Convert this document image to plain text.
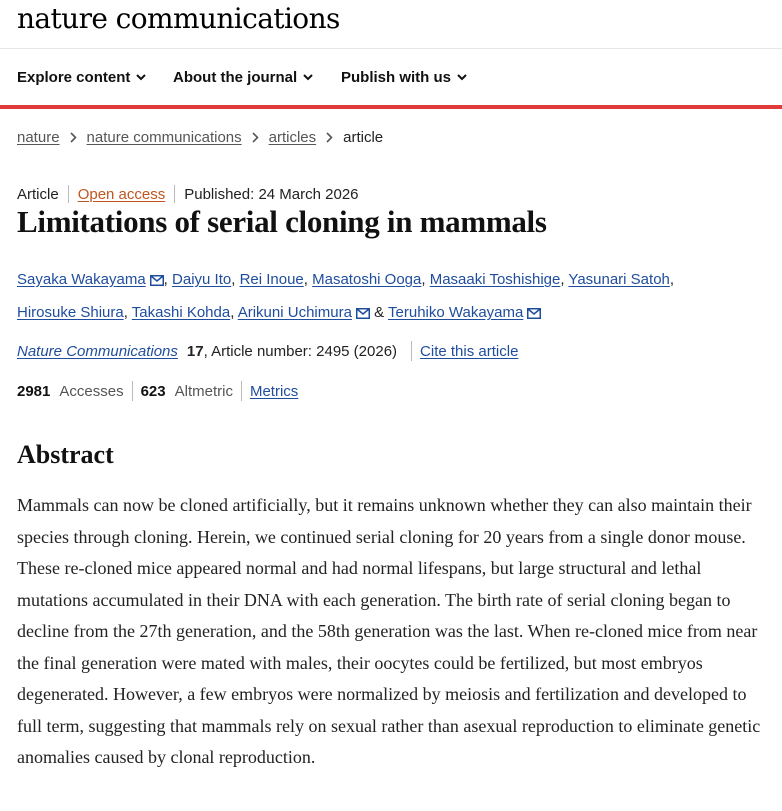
nature communications
Explore content	About the journal	Publish with us
nature nature communications articles article
Article Open access Published: 24 March 2026
Limitations of serial cloning in mammals
Sayaka Wakayama , Daiyu Ito, Rei Inoue, Masatoshi Ooga, Masaaki Toshishige, Yasunari Satoh,
Hirosuke Shiura, Takashi Kohda, Arikuni Uchimura & Teruhiko Wakayama
Nature Communications 17 , Article number: 2495 (2026) Cite this article
2981 Accesses 623 Altmetric Metrics
Abstract

Mammals can now be cloned artificially, but it remains unknown whether they can also maintain their species through cloning. Herein, we continued serial cloning for 20 years from a single donor mouse. These re-cloned mice appeared normal and had normal lifespans, but large structural and lethal mutations accumulated in their DNA with each generation. The birth rate of serial cloning began to decline from the 27th generation, and the 58th generation was the last. When re-cloned mice from near the final generation were mated with males, their oocytes could be fertilized, but most embryos degenerated. However, a few embryos were normalized by meiosis and fertilization and developed to full term, suggesting that mammals rely on sexual rather than asexual reproduction to eliminate genetic anomalies caused by clonal reproduction.
